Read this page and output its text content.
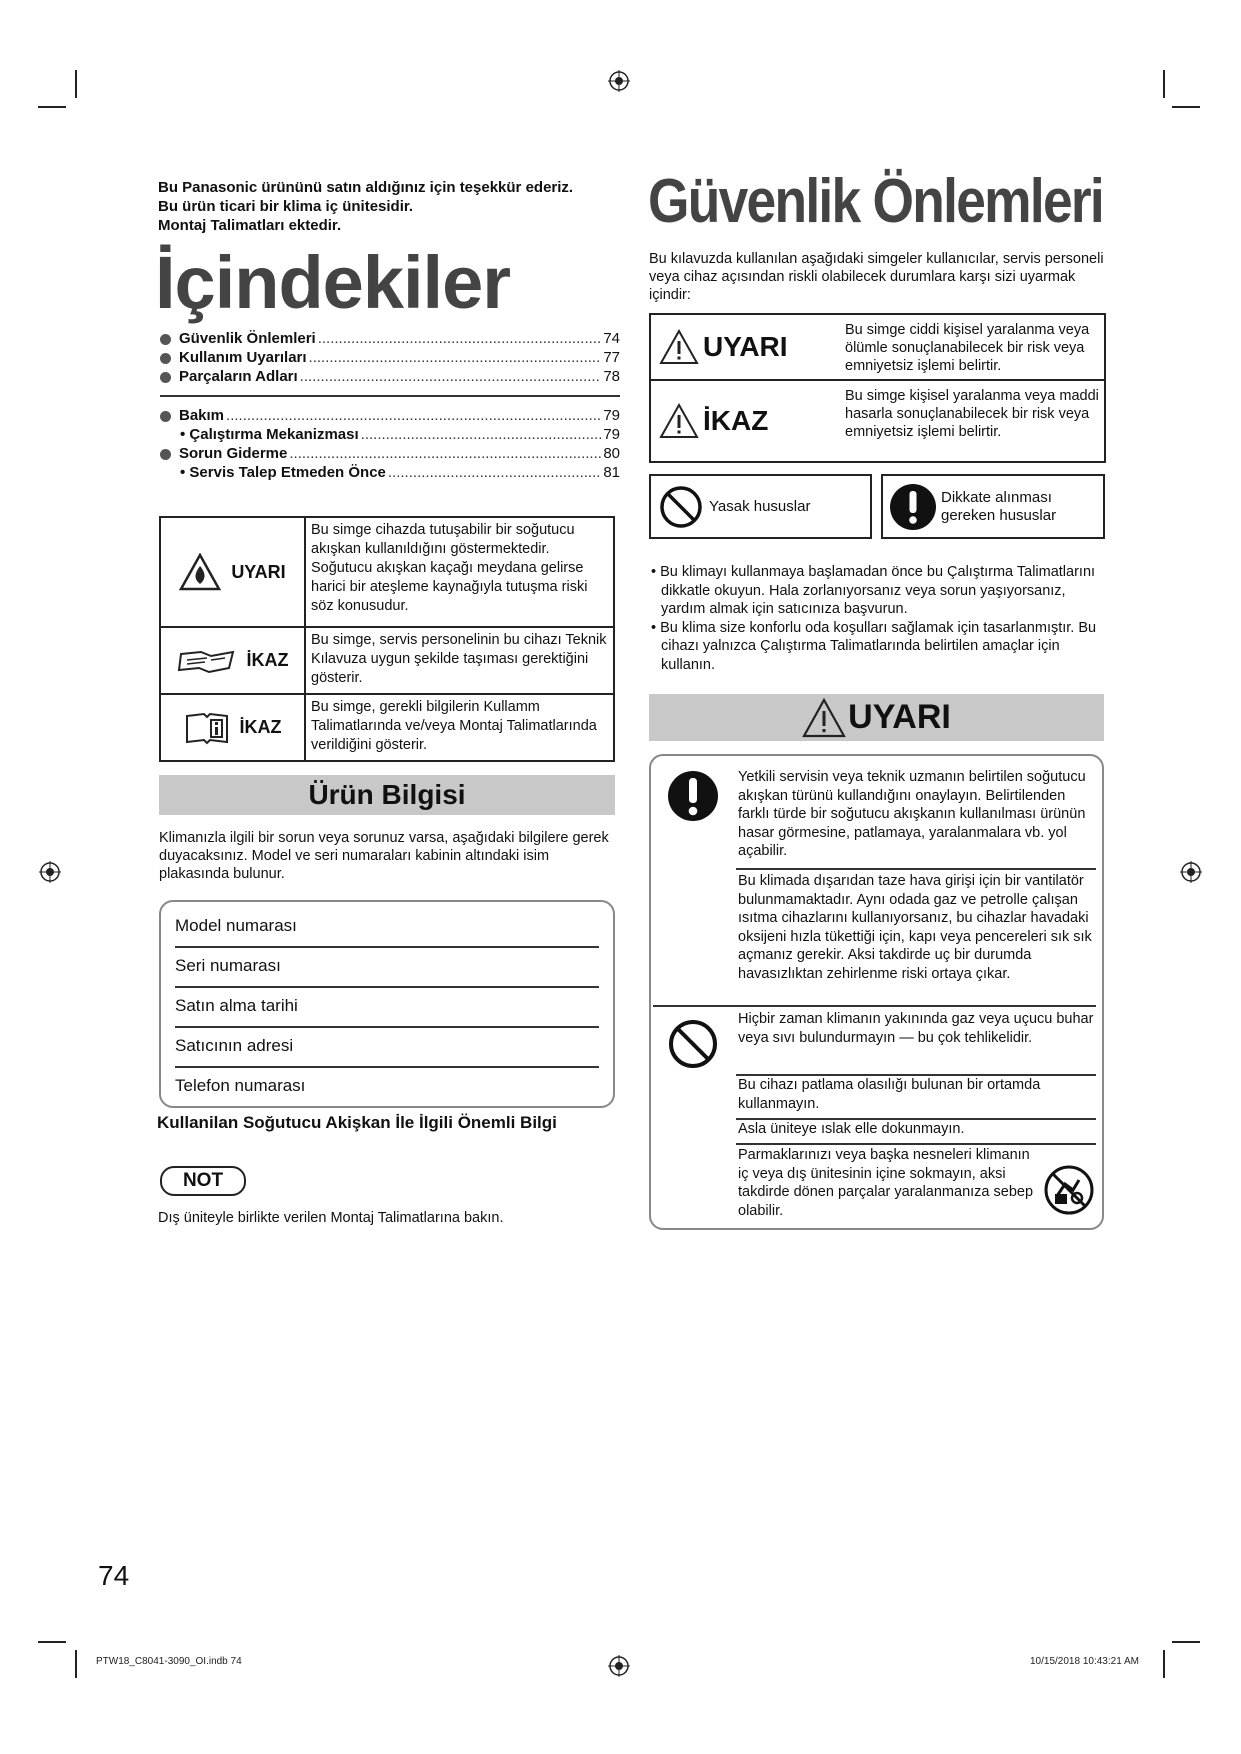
Bu Panasonic ürününü satın aldığınız için teşekkür ederiz.
Bu ürün ticari bir klima iç ünitesidir.
Montaj Talimatları ektedir.
İçindekiler
Güvenlik Önlemleri .....	74
Kullanım Uyarıları .....	77
Parçaların Adları .....	78
Bakım .....	79
• Çalıştırma Mekanizması .....	79
Sorun Giderme .....	80
• Servis Talep Etmeden Önce .....	81
UYARI
Bu simge cihazda tutuşabilir bir soğutucu akışkan kullanıldığını göstermektedir. Soğutucu akışkan kaçağı meydana gelirse harici bir ateşleme kaynağıyla tutuşma riski söz konusudur.
İKAZ
Bu simge, servis personelinin bu cihazı Teknik Kılavuza uygun şekilde taşıması gerektiğini gösterir.
İKAZ
Bu simge, gerekli bilgilerin Kullamm Talimatlarında ve/veya Montaj Talimatlarında verildiğini gösterir.
Ürün Bilgisi
Klimanızla ilgili bir sorun veya sorunuz varsa, aşağıdaki bilgilere gerek duyacaksınız. Model ve seri numaraları kabinin altındaki isim plakasında bulunur.
Model numarası
Seri numarası
Satın alma tarihi
Satıcının adresi
Telefon numarası
Kullanilan Soğutucu Akişkan İle İlgili Önemli Bilgi
NOT
Dış üniteyle birlikte verilen Montaj Talimatlarına bakın.
74
PTW18_C8041-3090_OI.indb 74	10/15/2018 10:43:21 AM
Güvenlik Önlemleri
Bu kılavuzda kullanılan aşağıdaki simgeler kullanıcılar, servis personeli veya cihaz açısından riskli olabilecek durumlara karşı sizi uyarmak içindir:
UYARI
Bu simge ciddi kişisel yaralanma veya ölümle sonuçlanabilecek bir risk veya emniyetsiz işlemi belirtir.
İKAZ
Bu simge kişisel yaralanma veya maddi hasarla sonuçlanabilecek bir risk veya emniyetsiz işlemi belirtir.
Yasak hususlar
Dikkate alınması gereken hususlar
• Bu klimayı kullanmaya başlamadan önce bu Çalıştırma Talimatlarını dikkatle okuyun. Hala zorlanıyorsanız veya sorun yaşıyorsanız, yardım almak için satıcınıza başvurun.
• Bu klima size konforlu oda koşulları sağlamak için tasarlanmıştır. Bu cihazı yalnızca Çalıştırma Talimatlarında belirtilen amaçlar için kullanın.
UYARI
Yetkili servisin veya teknik uzmanın belirtilen soğutucu akışkan türünü kullandığını onaylayın. Belirtilenden farklı türde bir soğutucu akışkanın kullanılması ürünün hasar görmesine, patlamaya, yaralanmalara vb. yol açabilir.
Bu klimada dışarıdan taze hava girişi için bir vantilatör bulunmamaktadır. Aynı odada gaz ve petrolle çalışan ısıtma cihazlarını kullanıyorsanız, bu cihazlar havadaki oksijeni hızla tükettiği için, kapı veya pencereleri sık sık açmanız gerekir. Aksi takdirde uç bir durumda havasızlıktan zehirlenme riski ortaya çıkar.
Hiçbir zaman klimanın yakınında gaz veya uçucu buhar veya sıvı bulundurmayın — bu çok tehlikelidir.
Bu cihazı patlama olasılığı bulunan bir ortamda kullanmayın.
Asla üniteye ıslak elle dokunmayın.
Parmaklarınızı veya başka nesneleri klimanın iç veya dış ünitesinin içine sokmayın, aksi takdirde dönen parçalar yaralanmanıza sebep olabilir.
